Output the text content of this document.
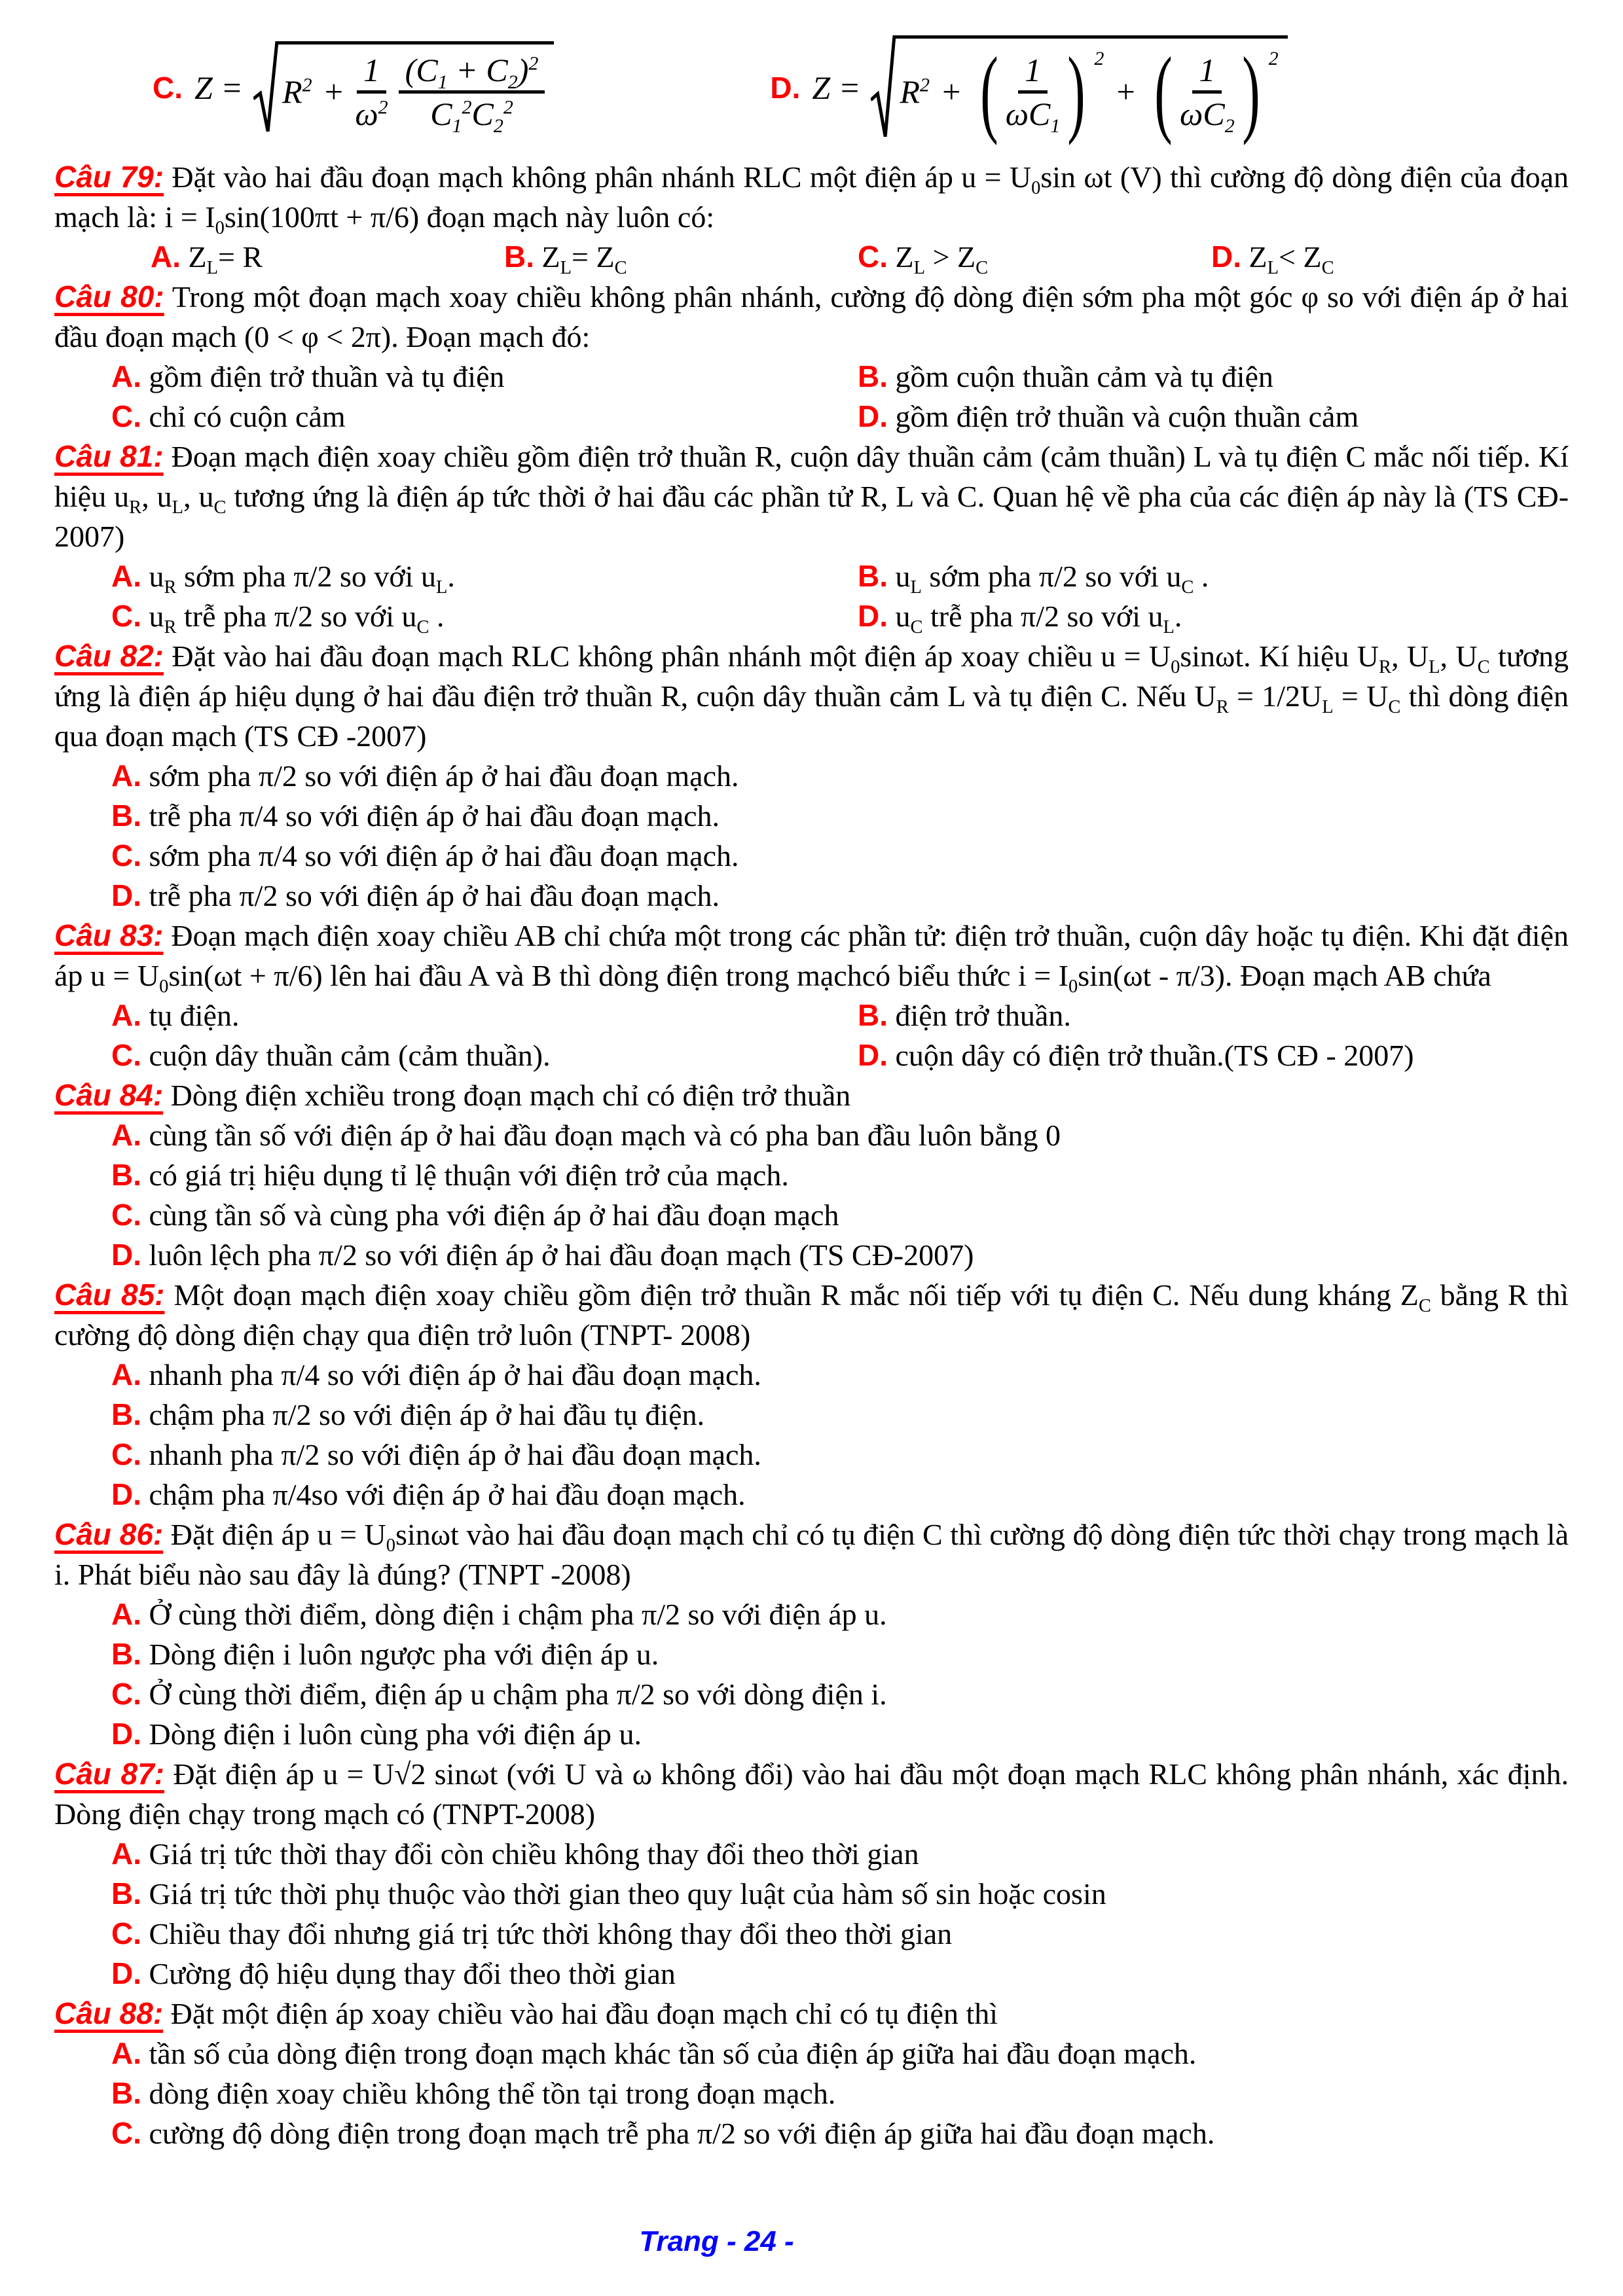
C. $Z = R^2 + \frac{1}{\omega^2} \frac{(C_1 + C_2)^2}{C_1^2C_2^2}$	D. $Z = R^2$ + ( $\frac{1}{\omega C_1}$ ) 2
+ ( $\frac{1}{\omega C_2}$ ) 2

Câu 79: Đặt vào hai đầu đoạn mạch không phân nhánh RLC một điện áp $u = U_0\sin$ ωt (V) thì cường độ dòng điện của đoạn mạch là: $i = I_0\sin(100\pi t + \pi/6)$ đoạn mạch này luôn có:

A. $Z_L= R$	B. $Z_L= Z_C$	C. $Z_L > Z_C$	D. $Z_L< Z_C$

Câu 80: Trong một đoạn mạch xoay chiều không phân nhánh, cường độ dòng điện sớm pha một góc φ so với điện áp ở hai đầu đoạn mạch (0 < φ < 2π). Đoạn mạch đó:

A. gồm điện trở thuần và tụ điện	B. gồm cuộn thuần cảm và tụ điện
C. chỉ có cuộn cảm	D. gồm điện trở thuần và cuộn thuần cảm

Câu 81: Đoạn mạch điện xoay chiều gồm điện trở thuần R, cuộn dây thuần cảm (cảm thuần) L và tụ điện C mắc nối tiếp. Kí hiệu $u_R$, $u_L$, $u_C$ tương ứng là điện áp tức thời ở hai đầu các phần tử R, L và C. Quan hệ về pha của các điện áp này là (TS CĐ- 2007)

A. $u_R$ sớm pha π/2 so với $u_L$.	B. $u_L$ sớm pha π/2 so với $u_C$ .
C. $u_R$ trễ pha π/2 so với $u_C$ .	D. $u_C$ trễ pha π/2 so với $u_L$.

Câu 82: Đặt vào hai đầu đoạn mạch RLC không phân nhánh một điện áp xoay chiều $u = U_0\sin\omega t$. Kí hiệu $U_R$, $U_L$, $U_C$ tương ứng là điện áp hiệu dụng ở hai đầu điện trở thuần R, cuộn dây thuần cảm L và tụ điện C. Nếu $U_R = 1/2U_L = U_C$ thì dòng điện qua đoạn mạch (TS CĐ -2007)

A. sớm pha π/2 so với điện áp ở hai đầu đoạn mạch.
B. trễ pha π/4 so với điện áp ở hai đầu đoạn mạch.
C. sớm pha π/4 so với điện áp ở hai đầu đoạn mạch.
D. trễ pha π/2 so với điện áp ở hai đầu đoạn mạch.

Câu 83: Đoạn mạch điện xoay chiều AB chỉ chứa một trong các phần tử: điện trở thuần, cuộn dây hoặc tụ điện. Khi đặt điện áp $u = U_0\sin(\omega t + \pi/6)$ lên hai đầu A và B thì dòng điện trong mạchcó biểu thức $i = I_0\sin(\omega t - \pi/3)$. Đoạn mạch AB chứa

A. tụ điện.	B. điện trở thuần.
C. cuộn dây thuần cảm (cảm thuần).	D. cuộn dây có điện trở thuần.(TS CĐ - 2007)

Câu 84: Dòng điện xchiều trong đoạn mạch chỉ có điện trở thuần

A. cùng tần số với điện áp ở hai đầu đoạn mạch và có pha ban đầu luôn bằng 0
B. có giá trị hiệu dụng tỉ lệ thuận với điện trở của mạch.
C. cùng tần số và cùng pha với điện áp ở hai đầu đoạn mạch
D. luôn lệch pha π/2 so với điện áp ở hai đầu đoạn mạch (TS CĐ-2007)

Câu 85: Một đoạn mạch điện xoay chiều gồm điện trở thuần R mắc nối tiếp với tụ điện C. Nếu dung kháng $Z_C$ bằng R thì cường độ dòng điện chạy qua điện trở luôn (TNPT- 2008)

A. nhanh pha π/4 so với điện áp ở hai đầu đoạn mạch.
B. chậm pha π/2 so với điện áp ở hai đầu tụ điện.
C. nhanh pha π/2 so với điện áp ở hai đầu đoạn mạch.
D. chậm pha π/4so với điện áp ở hai đầu đoạn mạch.

Câu 86: Đặt điện áp $u = U_0\sin\omega t$ vào hai đầu đoạn mạch chỉ có tụ điện C thì cường độ dòng điện tức thời chạy trong mạch là i. Phát biểu nào sau đây là đúng? (TNPT -2008)

A. Ở cùng thời điểm, dòng điện i chậm pha π/2 so với điện áp u.
B. Dòng điện i luôn ngược pha với điện áp u.
C. Ở cùng thời điểm, điện áp u chậm pha π/2 so với dòng điện i.
D. Dòng điện i luôn cùng pha với điện áp u.

Câu 87: Đặt điện áp u = U√2 sinωt (với U và ω không đổi) vào hai đầu một đoạn mạch RLC không phân nhánh, xác định. Dòng điện chạy trong mạch có (TNPT-2008)

A. Giá trị tức thời thay đổi còn chiều không thay đổi theo thời gian
B. Giá trị tức thời phụ thuộc vào thời gian theo quy luật của hàm số sin hoặc cosin
C. Chiều thay đổi nhưng giá trị tức thời không thay đổi theo thời gian
D. Cường độ hiệu dụng thay đổi theo thời gian

Câu 88: Đặt một điện áp xoay chiều vào hai đầu đoạn mạch chỉ có tụ điện thì

A. tần số của dòng điện trong đoạn mạch khác tần số của điện áp giữa hai đầu đoạn mạch.
B. dòng điện xoay chiều không thể tồn tại trong đoạn mạch.
C. cường độ dòng điện trong đoạn mạch trễ pha π/2 so với điện áp giữa hai đầu đoạn mạch.
Trang - 24 -
